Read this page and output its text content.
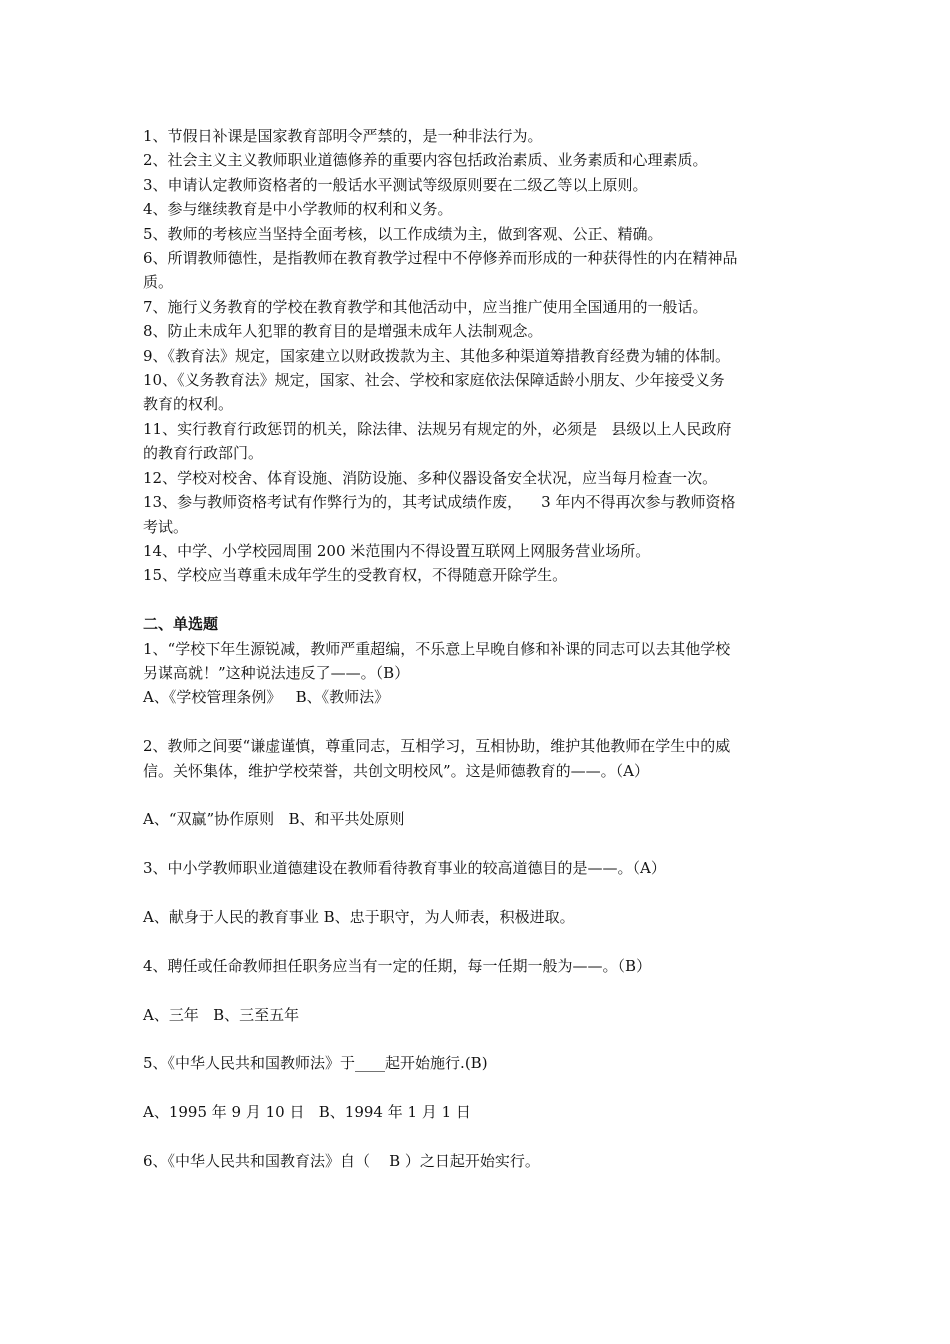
1、节假日补课是国家教育部明令严禁的，是一种非法行为。
2、社会主义主义教师职业道德修养的重要内容包括政治素质、业务素质和心理素质。
3、申请认定教师资格者的一般话水平测试等级原则要在二级乙等以上原则。
4、参与继续教育是中小学教师的权利和义务。
5、教师的考核应当坚持全面考核，以工作成绩为主，做到客观、公正、精确。
6、所谓教师德性，是指教师在教育教学过程中不停修养而形成的一种获得性的内在精神品
质。
7、施行义务教育的学校在教育教学和其他活动中，应当推广使用全国通用的一般话。
8、防止未成年人犯罪的教育目的是增强未成年人法制观念。
9、《教育法》规定，国家建立以财政拨款为主、其他多种渠道筹措教育经费为辅的体制。
10、《义务教育法》规定，国家、社会、学校和家庭依法保障适龄小朋友、少年接受义务
教育的权利。
11、实行教育行政惩罚的机关，除法律、法规另有规定的外，必须是   县级以上人民政府
的教育行政部门。
12、学校对校舍、体育设施、消防设施、多种仪器设备安全状况，应当每月检查一次。
13、参与教师资格考试有作弊行为的，其考试成绩作废，    3 年内不得再次参与教师资格
考试。
14、中学、小学校园周围 200 米范围内不得设置互联网上网服务营业场所。
15、学校应当尊重未成年学生的受教育权，不得随意开除学生。
二、单选题
1、“学校下年生源锐减，教师严重超编，不乐意上早晚自修和补课的同志可以去其他学校
另谋高就！”这种说法违反了——。（B）
A、《学校管理条例》   B、《教师法》
2、教师之间要“谦虚谨慎，尊重同志，互相学习，互相协助，维护其他教师在学生中的威
信。关怀集体，维护学校荣誉，共创文明校风”。这是师德教育的——。（A）
A、“双赢”协作原则   B、和平共处原则
3、中小学教师职业道德建设在教师看待教育事业的较高道德目的是——。（A）
A、献身于人民的教育事业 B、忠于职守，为人师表，积极进取。
4、聘任或任命教师担任职务应当有一定的任期，每一任期一般为——。（B）
A、三年   B、三至五年
5、《中华人民共和国教师法》于____起开始施行.(B)
A、1995 年 9 月 10 日   B、1994 年 1 月 1 日
6、《中华人民共和国教育法》自（    B ）之日起开始实行。
